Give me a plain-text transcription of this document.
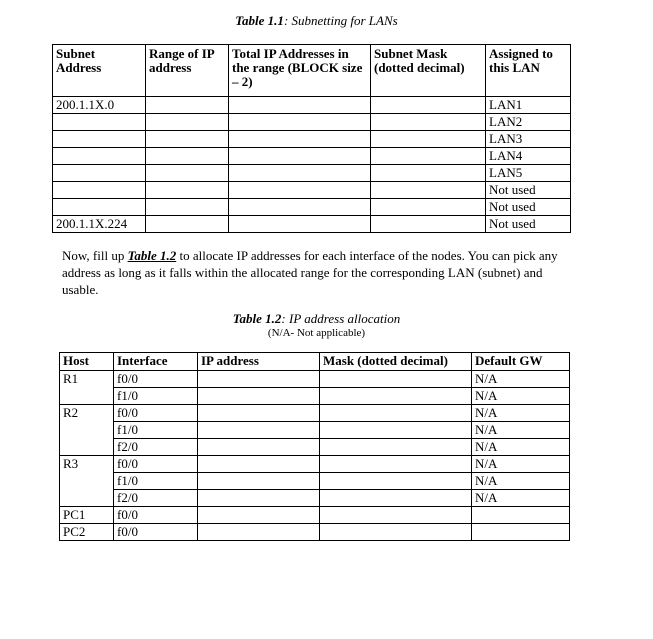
Table 1.1: Subnetting for LANs
Subnet Address	Range of IP address	Total IP Addresses in the range (BLOCK size – 2)	Subnet Mask (dotted decimal)	Assigned to this LAN
200.1.1X.0				LAN1
				LAN2
				LAN3
				LAN4
				LAN5
				Not used
				Not used
200.1.1X.224				Not used
Now, fill up Table 1.2 to allocate IP addresses for each interface of the nodes. You can pick any address as long as it falls within the allocated range for the corresponding LAN (subnet) and usable.
Table 1.2: IP address allocation
(N/A- Not applicable)
Host	Interface	IP address	Mask (dotted decimal)	Default GW
R1	f0/0			N/A
	f1/0			N/A
R2	f0/0			N/A
	f1/0			N/A
	f2/0			N/A
R3	f0/0			N/A
	f1/0			N/A
	f2/0			N/A
PC1	f0/0			
PC2	f0/0			
